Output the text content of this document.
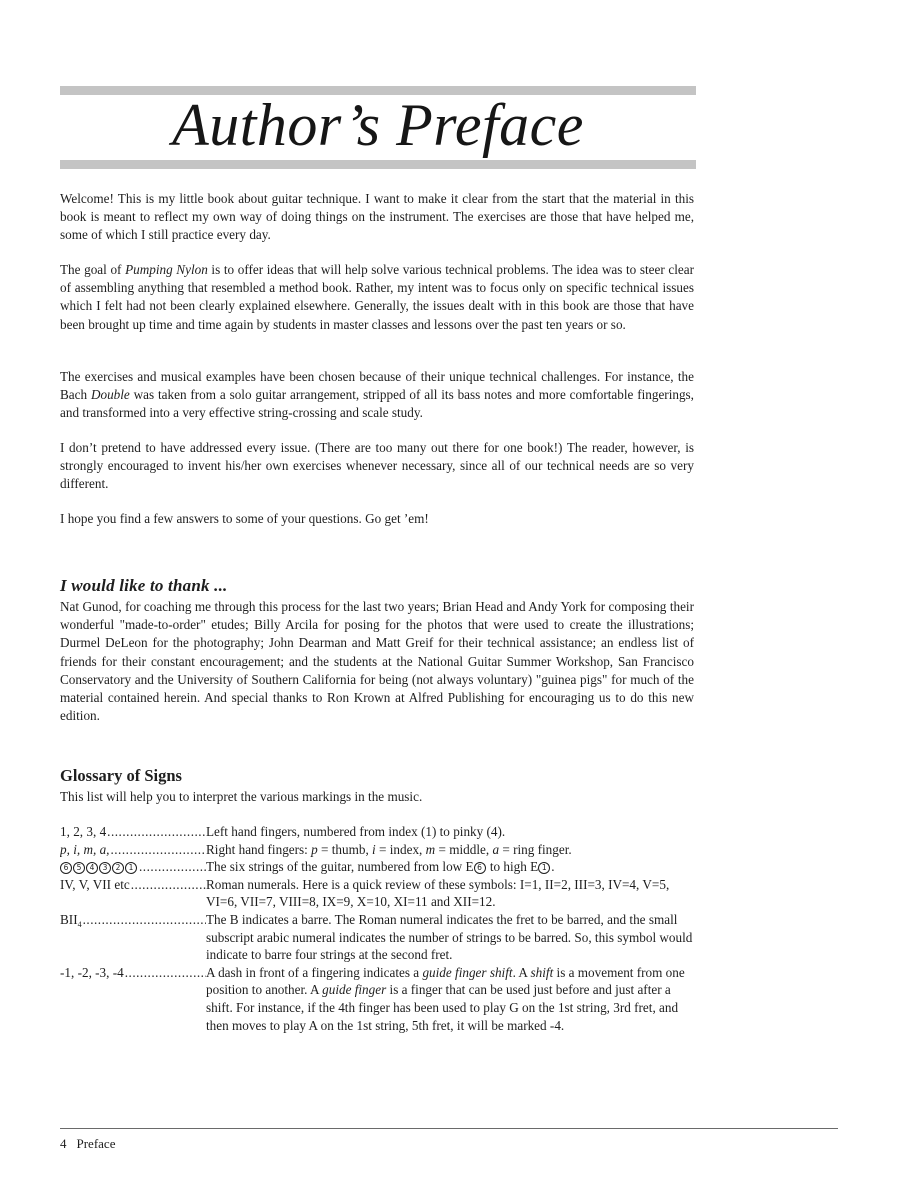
Author’s Preface

Welcome! This is my little book about guitar technique. I want to make it clear from the start that the material in this book is meant to reflect my own way of doing things on the instrument. The exercises are those that have helped me, some of which I still practice every day.

The goal of Pumping Nylon is to offer ideas that will help solve various technical problems. The idea was to steer clear of assembling anything that resembled a method book. Rather, my intent was to focus only on specific technical issues which I felt had not been clearly explained elsewhere. Generally, the issues dealt with in this book are those that have been brought up time and time again by students in master classes and lessons over the past ten years or so.

The exercises and musical examples have been chosen because of their unique technical challenges. For instance, the Bach Double was taken from a solo guitar arrangement, stripped of all its bass notes and more comfortable fingerings, and transformed into a very effective string-crossing and scale study.

I don’t pretend to have addressed every issue. (There are too many out there for one book!) The reader, however, is strongly encouraged to invent his/her own exercises whenever necessary, since all of our technical needs are so very different.

I hope you find a few answers to some of your questions. Go get ’em!

I would like to thank ...

Nat Gunod, for coaching me through this process for the last two years; Brian Head and Andy York for composing their wonderful "made-to-order" etudes; Billy Arcila for posing for the photos that were used to create the illustrations; Durmel DeLeon for the photography; John Dearman and Matt Greif for their technical assistance; an endless list of friends for their constant encouragement; and the students at the National Guitar Summer Workshop, San Francisco Conservatory and the University of Southern California for being (not always voluntary) "guinea pigs" for much of the material contained herein. And special thanks to Ron Krown at Alfred Publishing for encouraging us to do this new edition.

Glossary of Signs

This list will help you to interpret the various markings in the music.

1, 2, 3, 4 .....	Left hand fingers, numbered from index (1) to pinky (4).
p, i, m, a, .....	Right hand fingers: p = thumb, i = index, m = middle, a = ring finger.
6 5 4 3 2 1 .....	The six strings of the guitar, numbered from low E 6 to high E 1 .
IV, V, VII etc .....	Roman numerals. Here is a quick review of these symbols: I=1, II=2, III=3, IV=4, V=5, VI=6, VII=7, VIII=8, IX=9, X=10, XI=11 and XII=12.
$BII_4$ .....	The B indicates a barre. The Roman numeral indicates the fret to be barred, and the small subscript arabic numeral indicates the number of strings to be barred. So, this symbol would indicate to barre four strings at the second fret.
-1, -2, -3, -4 .....	A dash in front of a fingering indicates a guide finger shift. A shift is a movement from one position to another. A guide finger is a finger that can be used just before and just after a shift. For instance, if the 4th finger has been used to play G on the 1st string, 3rd fret, and then moves to play A on the 1st string, 5th fret, it will be marked -4.

4 Preface
